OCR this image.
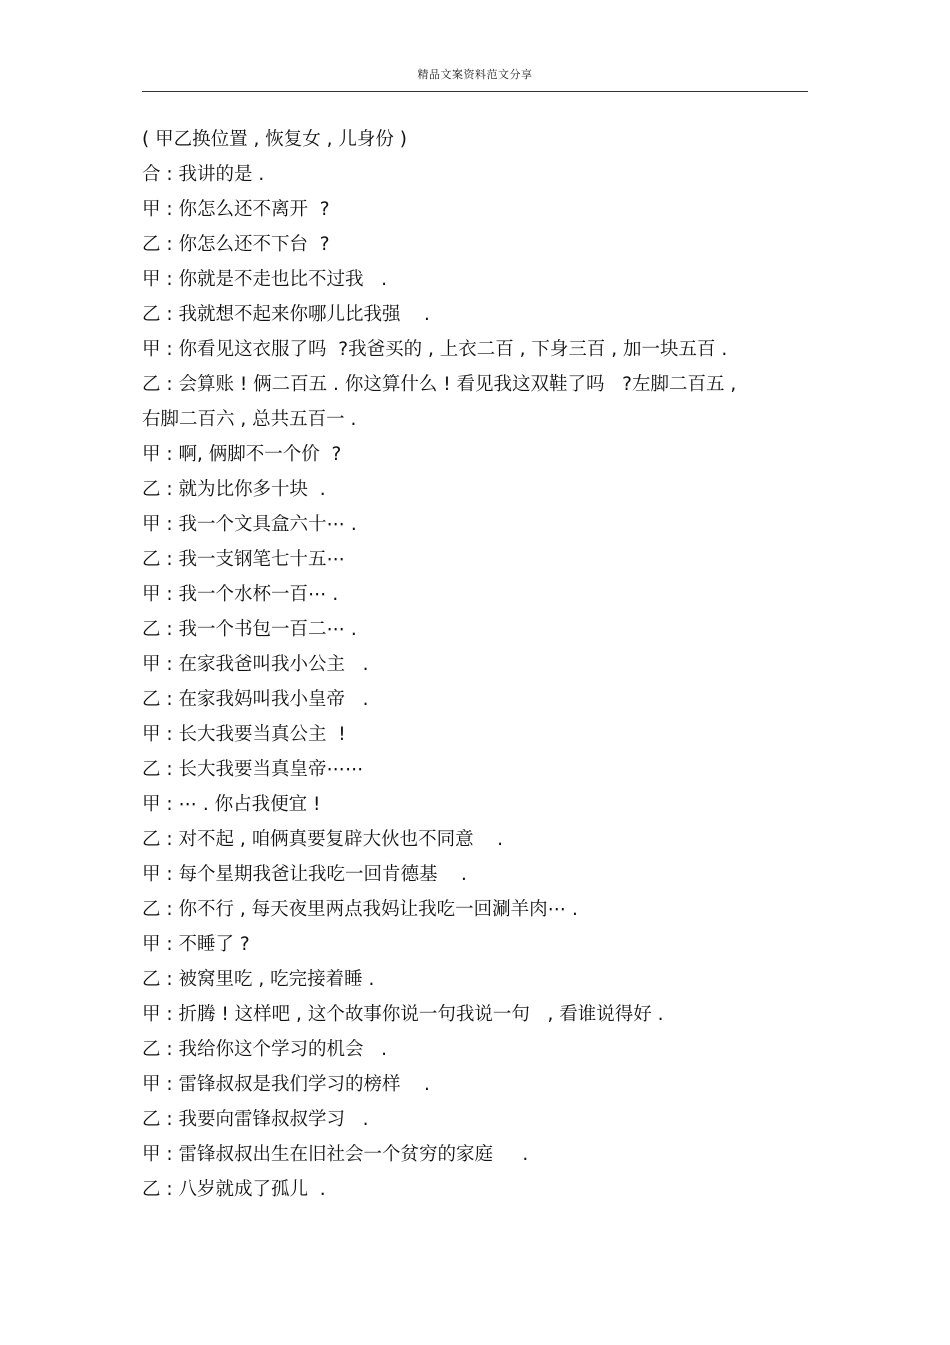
精品文案资料范文分享
( 甲乙换位置 , 恢复女 , 儿身份 )
合 : 我讲的是 .
甲 : 你怎么还不离开  ?
乙 : 你怎么还不下台  ?
甲 : 你就是不走也比不过我   .
乙 : 我就想不起来你哪儿比我强    .
甲 : 你看见这衣服了吗  ?我爸买的 , 上衣二百 , 下身三百 , 加一块五百 .
乙 : 会算账 ! 俩二百五 . 你这算什么 ! 看见我这双鞋了吗   ?左脚二百五 ,
右脚二百六 , 总共五百一 .
甲 : 啊, 俩脚不一个价  ?
乙 : 就为比你多十块  .
甲 : 我一个文具盒六十⋯ .
乙 : 我一支钢笔七十五⋯
甲 : 我一个水杯一百⋯ .
乙 : 我一个书包一百二⋯ .
甲 : 在家我爸叫我小公主   .
乙 : 在家我妈叫我小皇帝   .
甲 : 长大我要当真公主  !
乙 : 长大我要当真皇帝⋯⋯
甲 : ⋯ . 你占我便宜 !
乙 : 对不起 , 咱俩真要复辟大伙也不同意    .
甲 : 每个星期我爸让我吃一回肯德基    .
乙 : 你不行 , 每天夜里两点我妈让我吃一回涮羊肉⋯ .
甲 : 不睡了 ?
乙 : 被窝里吃 , 吃完接着睡 .
甲 : 折腾 ! 这样吧 , 这个故事你说一句我说一句   , 看谁说得好 .
乙 : 我给你这个学习的机会   .
甲 : 雷锋叔叔是我们学习的榜样    .
乙 : 我要向雷锋叔叔学习   .
甲 : 雷锋叔叔出生在旧社会一个贫穷的家庭     .
乙 : 八岁就成了孤儿  .
